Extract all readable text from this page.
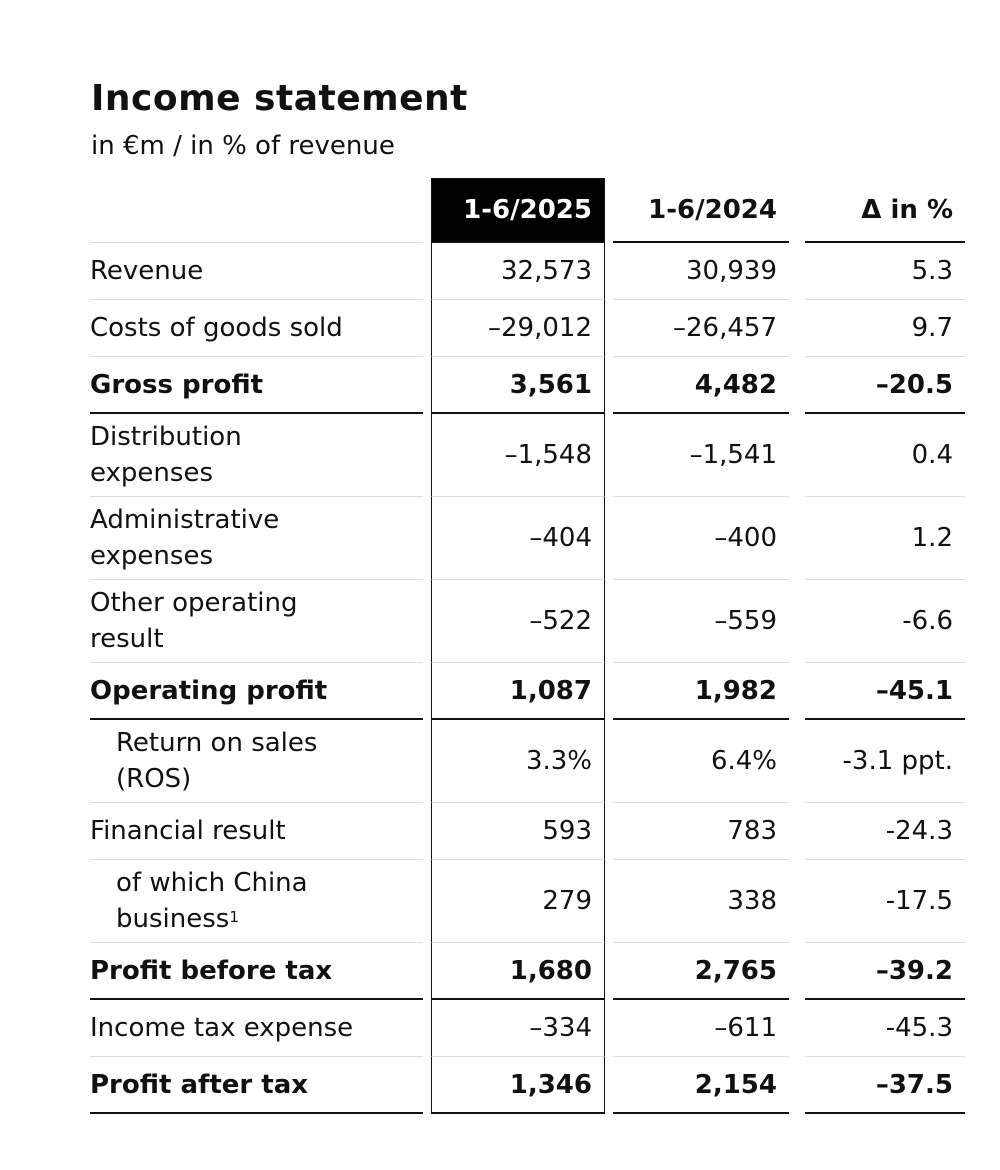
Income statement
in €m / in % of revenue
		1-6/2025		1-6/2024		Δ in %
Revenue		32,573		30,939		5.3
Costs of goods sold		–29,012		–26,457		9.7
Gross profit		3,561		4,482		–20.5

Distribution expenses		–1,548		–1,541		0.4

Administrative expenses		–404		–400		1.2

Other operating result		–522		–559		-6.6
Operating profit		1,087		1,982		–45.1

Return on sales (ROS)		3.3%		6.4%		-3.1 ppt.
Financial result		593		783		-24.3

of which China business$^1$		279		338		-17.5
Profit before tax		1,680		2,765		–39.2
Income tax expense		–334		–611		-45.3
Profit after tax		1,346		2,154		–37.5
